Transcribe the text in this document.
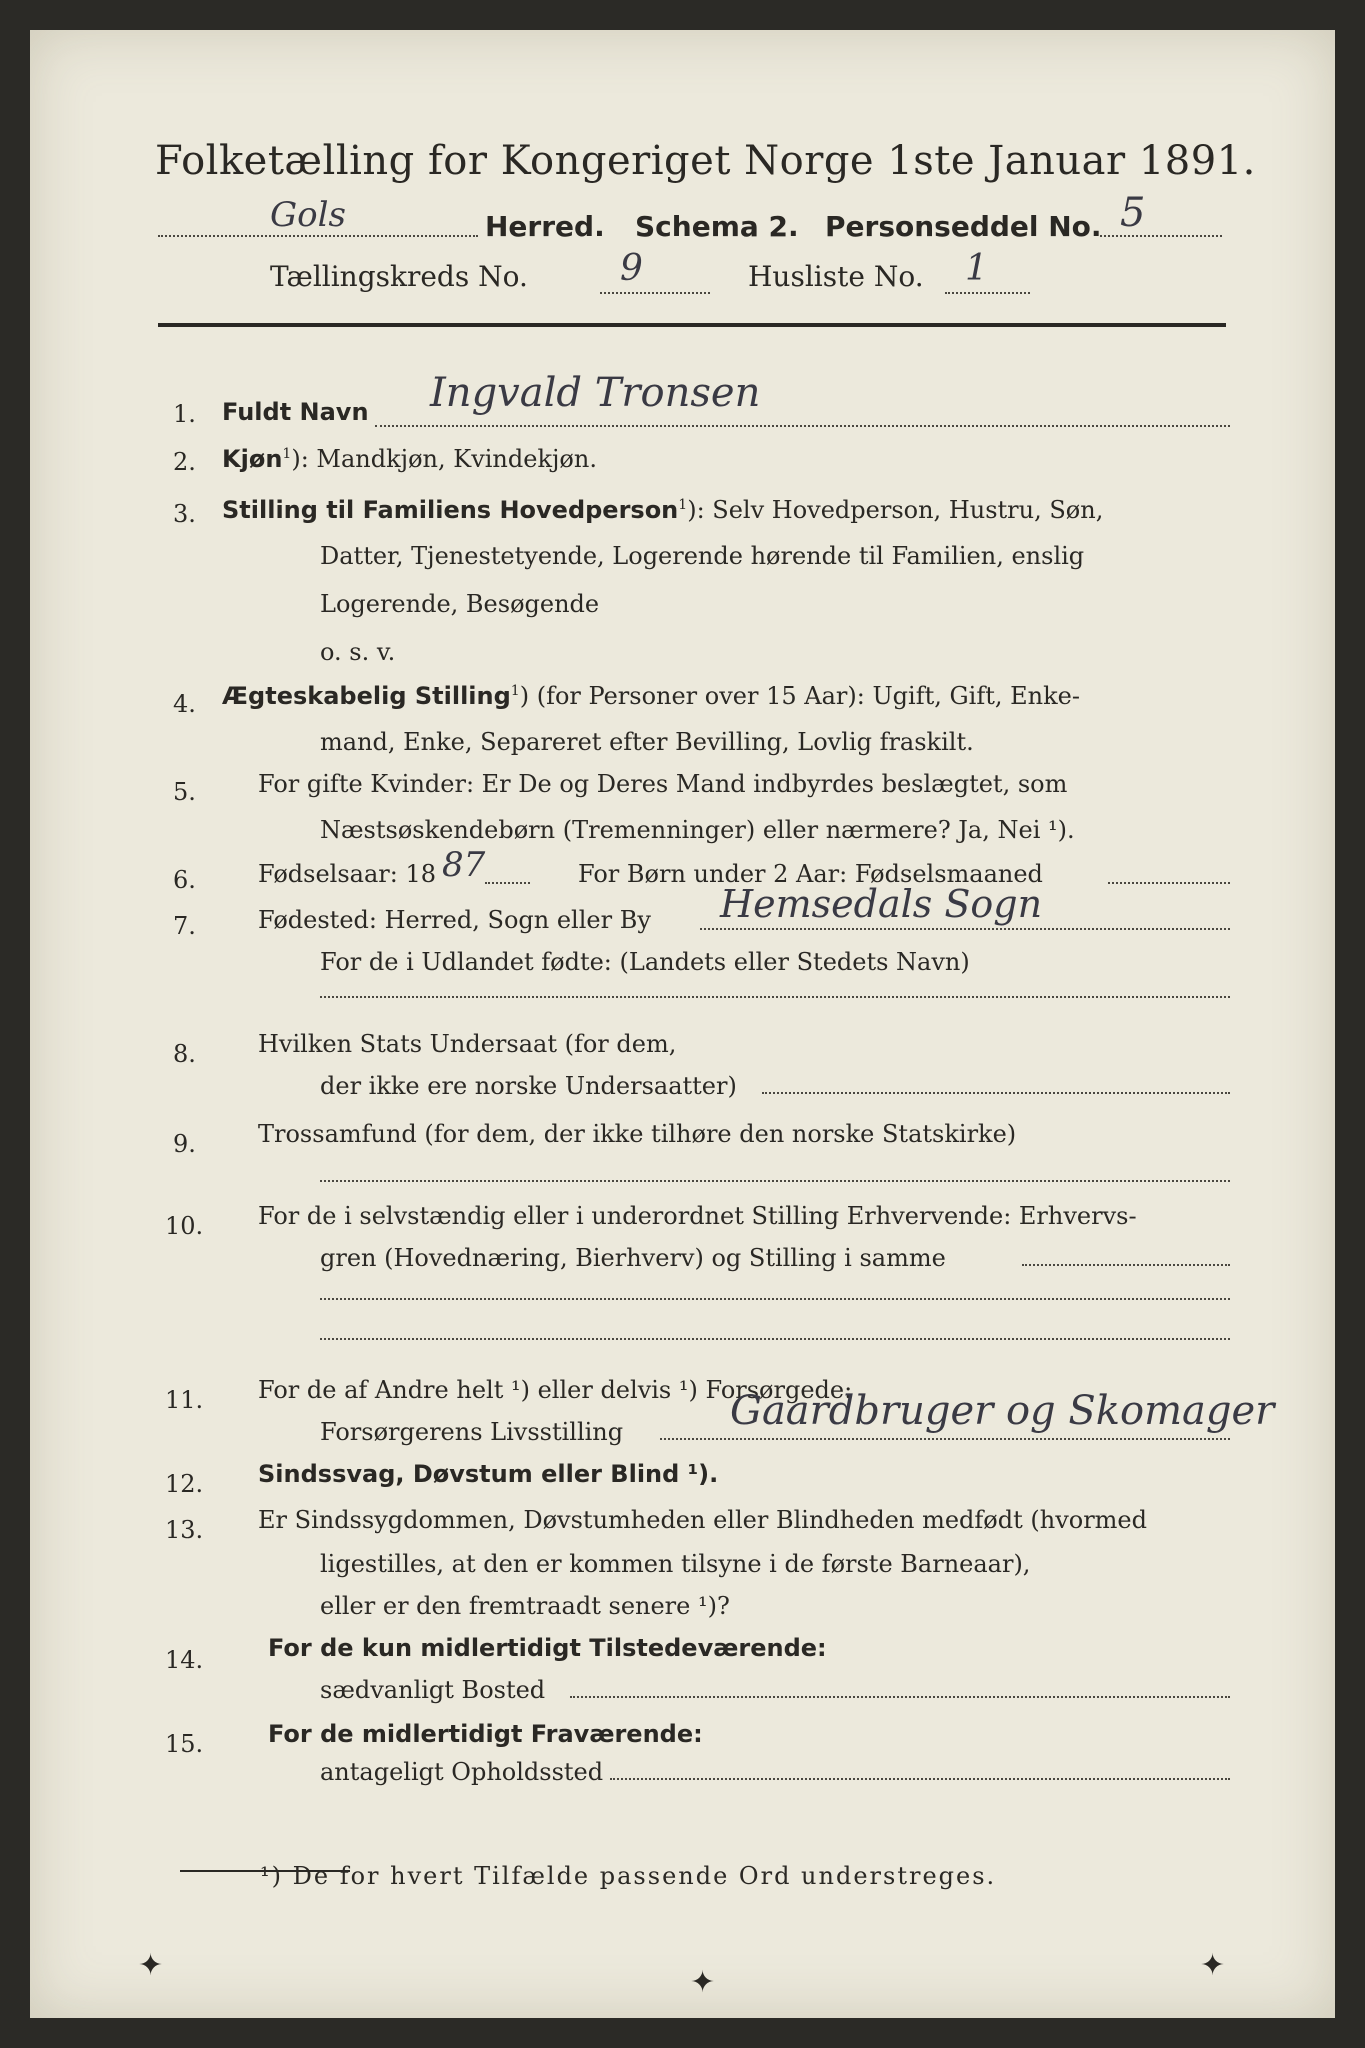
Folketælling for Kongeriget Norge 1ste Januar 1891.
Gols	Herred. Schema 2. Personseddel No. 5
Tællingskreds No.	9	Husliste No. 1
1. Fuldt Navn Ingvald Tronsen
2. Kjøn$^1$): Mandkjøn, Kvindekjøn.
3. Stilling til Familiens Hovedperson$^1$): Selv Hovedperson, Hustru, Søn,
Datter, Tjenestetyende, Logerende hørende til Familien, enslig
Logerende, Besøgende
o. s. v.
4. Ægteskabelig Stilling$^1$) (for Personer over 15 Aar): Ugift, Gift, Enke-
mand, Enke, Separeret efter Bevilling, Lovlig fraskilt.
5.	For gifte Kvinder: Er De og Deres Mand indbyrdes beslægtet, som
Næstsøskendebørn (Tremenninger) eller nærmere? Ja, Nei ¹).
6.	Fødselsaar: 18 87	For Børn under 2 Aar: Fødselsmaaned
7.	Fødested: Herred, Sogn eller By Hemsedals Sogn
For de i Udlandet fødte: (Landets eller Stedets Navn)
8.	Hvilken Stats Undersaat (for dem,
der ikke ere norske Undersaatter)
9.	Trossamfund (for dem, der ikke tilhøre den norske Statskirke)
10. For de i selvstændig eller i underordnet Stilling Erhvervende: Erhvervs-
gren (Hovednæring, Bierhverv) og Stilling i samme
11. For de af Andre helt ¹) eller delvis ¹) Forsørgede:
Forsørgerens Livsstilling	Gaardbruger og Skomager
12. Sindssvag, Døvstum eller Blind ¹).
13. Er Sindssygdommen, Døvstumheden eller Blindheden medfødt (hvormed
ligestilles, at den er kommen tilsyne i de første Barneaar),
eller er den fremtraadt senere ¹)?
14.	For de kun midlertidigt Tilstedeværende:
sædvanligt Bosted
15.	For de midlertidigt Fraværende:
antageligt Opholdssted
¹) De for hvert Tilfælde passende Ord understreges.
✦	✦	✦
